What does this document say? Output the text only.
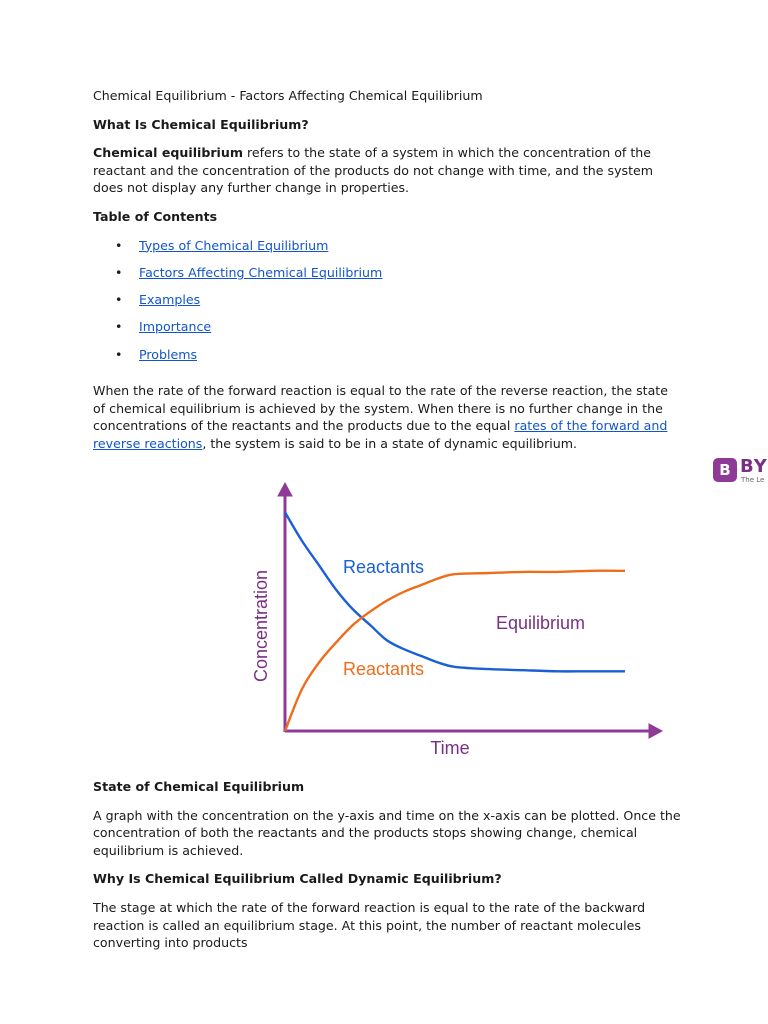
Chemical Equilibrium - Factors Affecting Chemical Equilibrium

What Is Chemical Equilibrium?

Chemical equilibrium refers to the state of a system in which the concentration of the reactant and the concentration of the products do not change with time, and the system does not display any further change in properties.

Table of Contents

• Types of Chemical Equilibrium
• Factors Affecting Chemical Equilibrium
• Examples
• Importance
• Problems

When the rate of the forward reaction is equal to the rate of the reverse reaction, the state of chemical equilibrium is achieved by the system. When there is no further change in the concentrations of the reactants and the products due to the equal rates of the forward and reverse reactions, the system is said to be in a state of dynamic equilibrium.

B BY
The Le
Reactants
Reactants
Equilibrium
Time
Concentration

State of Chemical Equilibrium

A graph with the concentration on the y-axis and time on the x-axis can be plotted. Once the concentration of both the reactants and the products stops showing change, chemical equilibrium is achieved.

Why Is Chemical Equilibrium Called Dynamic Equilibrium?

The stage at which the rate of the forward reaction is equal to the rate of the backward reaction is called an equilibrium stage. At this point, the number of reactant molecules converting into products
